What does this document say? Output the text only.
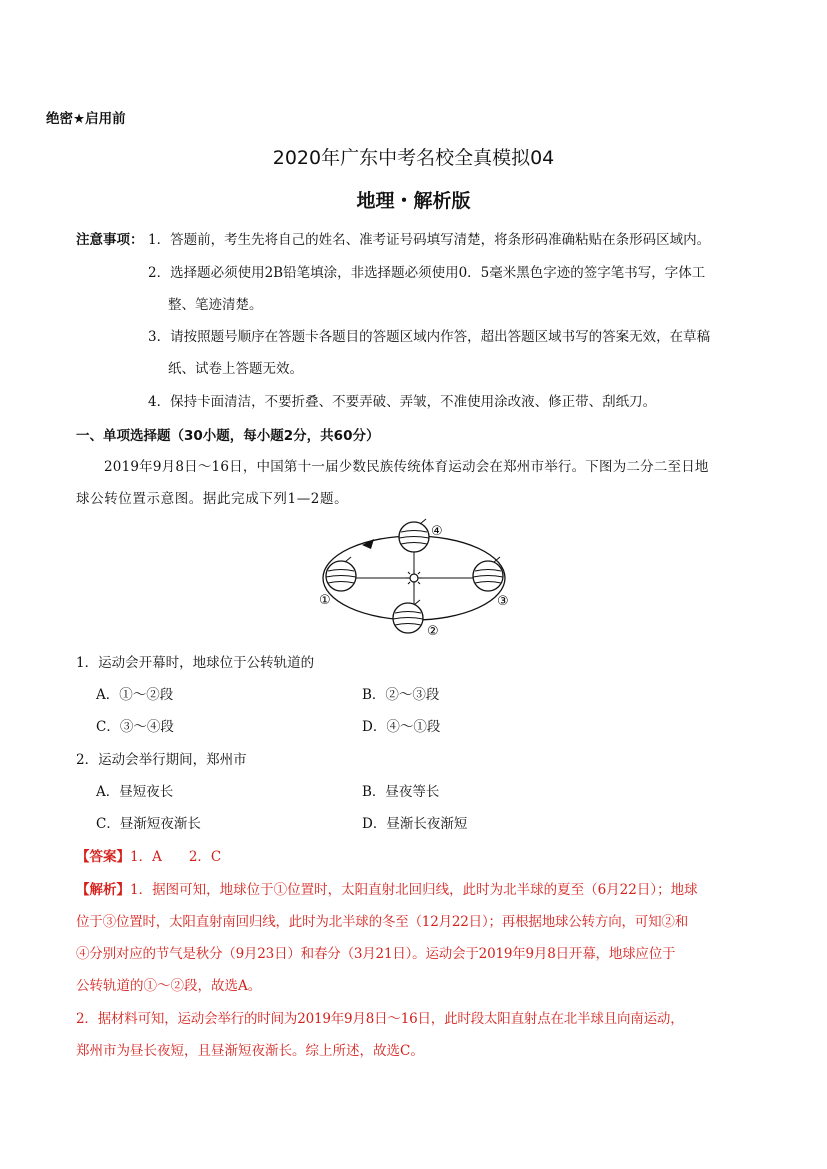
绝密★启用前
2020年广东中考名校全真模拟04
地理・解析版
注意事项： 1．答题前，考生先将自己的姓名、准考证号码填写清楚，将条形码准确粘贴在条形码区域内。
2．选择题必须使用2B铅笔填涂，非选择题必须使用0．5毫米黑色字迹的签字笔书写，字体工
整、笔迹清楚。
3．请按照题号顺序在答题卡各题目的答题区域内作答，超出答题区域书写的答案无效，在草稿
纸、试卷上答题无效。
4．保持卡面清洁，不要折叠、不要弄破、弄皱，不准使用涂改液、修正带、刮纸刀。
一、单项选择题（30小题，每小题2分，共60分）
2019年9月8日～16日，中国第十一届少数民族传统体育运动会在郑州市举行。下图为二分二至日地
球公转位置示意图。据此完成下列1—2题。
①
②
③
④
1．运动会开幕时，地球位于公转轨道的
A．①～②段	B．②～③段
C．③～④段	D．④～①段
2．运动会举行期间，郑州市
A．昼短夜长	B．昼夜等长
C．昼渐短夜渐长	D．昼渐长夜渐短
【答案】1．A　　2．C
【解析】1．据图可知，地球位于①位置时，太阳直射北回归线，此时为北半球的夏至（6月22日）；地球
位于③位置时，太阳直射南回归线，此时为北半球的冬至（12月22日）；再根据地球公转方向，可知②和
④分别对应的节气是秋分（9月23日）和春分（3月21日）。运动会于2019年9月8日开幕，地球应位于
公转轨道的①～②段，故选A。
2．据材料可知，运动会举行的时间为2019年9月8日～16日，此时段太阳直射点在北半球且向南运动，
郑州市为昼长夜短，且昼渐短夜渐长。综上所述，故选C。
